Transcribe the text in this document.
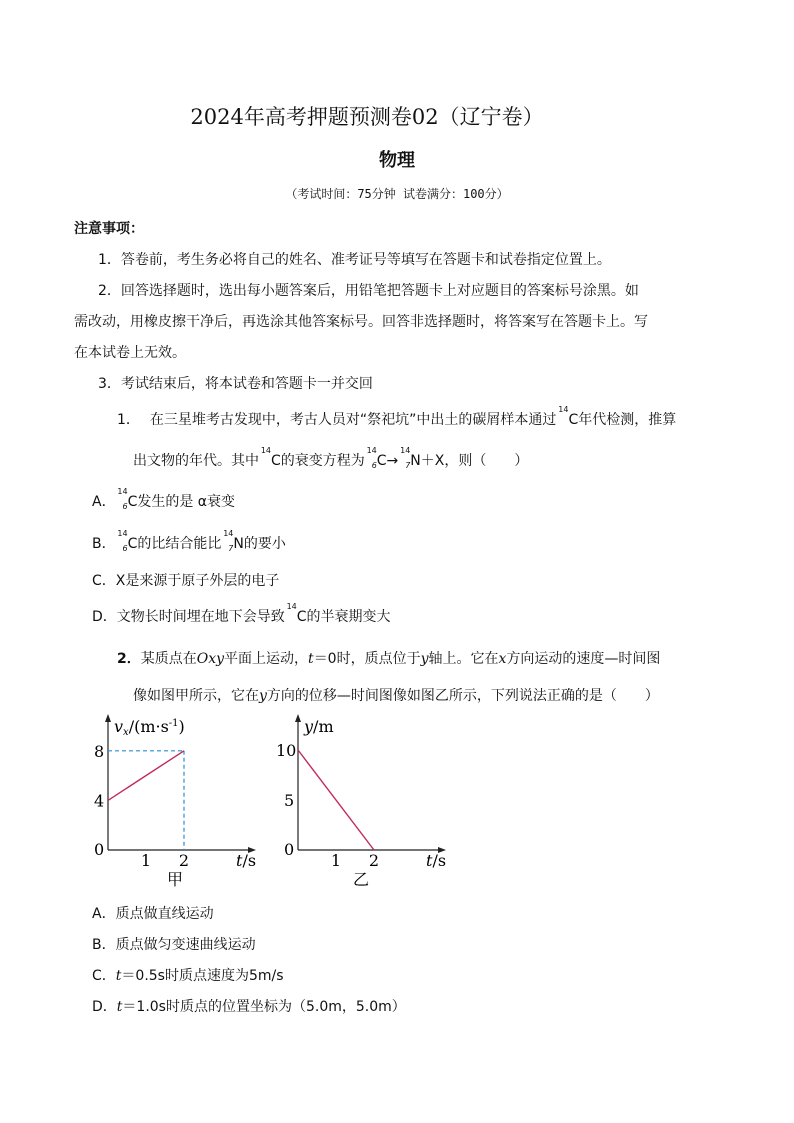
2024年高考押题预测卷02（辽宁卷）
物理
（考试时间：75分钟 试卷满分：100分）
注意事项：
1．答卷前，考生务必将自己的姓名、准考证号等填写在答题卡和试卷指定位置上。
2．回答选择题时，选出每小题答案后，用铅笔把答题卡上对应题目的答案标号涂黑。如
需改动，用橡皮擦干净后，再选涂其他答案标号。回答非选择题时，将答案写在答题卡上。写
在本试卷上无效。
3．考试结束后，将本试卷和答题卡一并交回
1． 在三星堆考古发现中，考古人员对“祭祀坑”中出土的碳屑样本通过
14
C年代检测，推算
出文物的年代。其中
14
C的衰变方程为
14
6 C→
14
7 N＋X，则（　　）
A．
14
6 C发生的是 α衰变
B．
14
6 C的比结合能比
14
7 N的要小
C．X是来源于原子外层的电子
D．文物长时间埋在地下会导致
14
C的半衰期变大
2．某质点在Oxy平面上运动，t＝0时，质点位于y轴上。它在x方向运动的速度—时间图
像如图甲所示，它在y方向的位移—时间图像如图乙所示，下列说法正确的是（　　）
0
4
8
1 2
$vx/(m\cdot s^{-1})$
t/s
甲
0
5
10
1 2
y/m
t/s
乙
A．质点做直线运动
B．质点做匀变速曲线运动
C．t＝0.5s时质点速度为5m/s
D．t＝1.0s时质点的位置坐标为（5.0m，5.0m）
